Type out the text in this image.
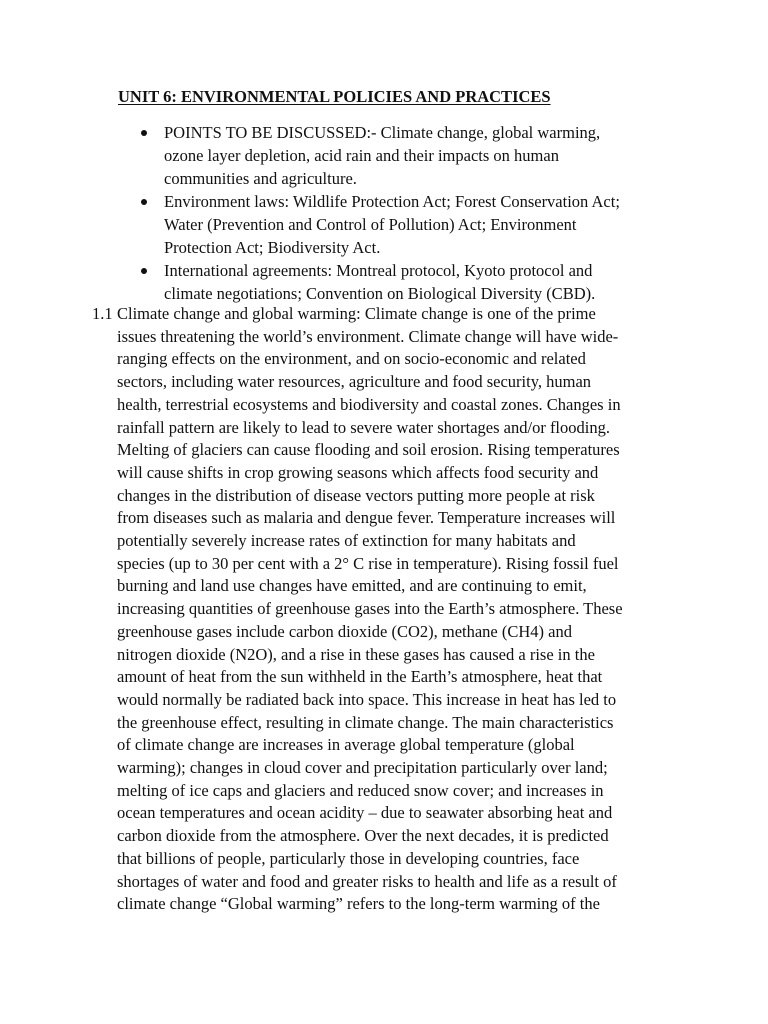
UNIT 6: ENVIRONMENTAL POLICIES AND PRACTICES
POINTS TO BE DISCUSSED:- Climate change, global warming,
ozone layer depletion, acid rain and their impacts on human
communities and agriculture.
Environment laws: Wildlife Protection Act; Forest Conservation Act;
Water (Prevention and Control of Pollution) Act; Environment
Protection Act; Biodiversity Act.
International agreements: Montreal protocol, Kyoto protocol and
climate negotiations; Convention on Biological Diversity (CBD).
1.1 Climate change and global warming: Climate change is one of the prime
issues threatening the world’s environment. Climate change will have wide-
ranging effects on the environment, and on socio-economic and related
sectors, including water resources, agriculture and food security, human
health, terrestrial ecosystems and biodiversity and coastal zones. Changes in
rainfall pattern are likely to lead to severe water shortages and/or flooding.
Melting of glaciers can cause flooding and soil erosion. Rising temperatures
will cause shifts in crop growing seasons which affects food security and
changes in the distribution of disease vectors putting more people at risk
from diseases such as malaria and dengue fever. Temperature increases will
potentially severely increase rates of extinction for many habitats and
species (up to 30 per cent with a 2° C rise in temperature). Rising fossil fuel
burning and land use changes have emitted, and are continuing to emit,
increasing quantities of greenhouse gases into the Earth’s atmosphere. These
greenhouse gases include carbon dioxide (CO2), methane (CH4) and
nitrogen dioxide (N2O), and a rise in these gases has caused a rise in the
amount of heat from the sun withheld in the Earth’s atmosphere, heat that
would normally be radiated back into space. This increase in heat has led to
the greenhouse effect, resulting in climate change. The main characteristics
of climate change are increases in average global temperature (global
warming); changes in cloud cover and precipitation particularly over land;
melting of ice caps and glaciers and reduced snow cover; and increases in
ocean temperatures and ocean acidity – due to seawater absorbing heat and
carbon dioxide from the atmosphere. Over the next decades, it is predicted
that billions of people, particularly those in developing countries, face
shortages of water and food and greater risks to health and life as a result of
climate change “Global warming” refers to the long-term warming of the
